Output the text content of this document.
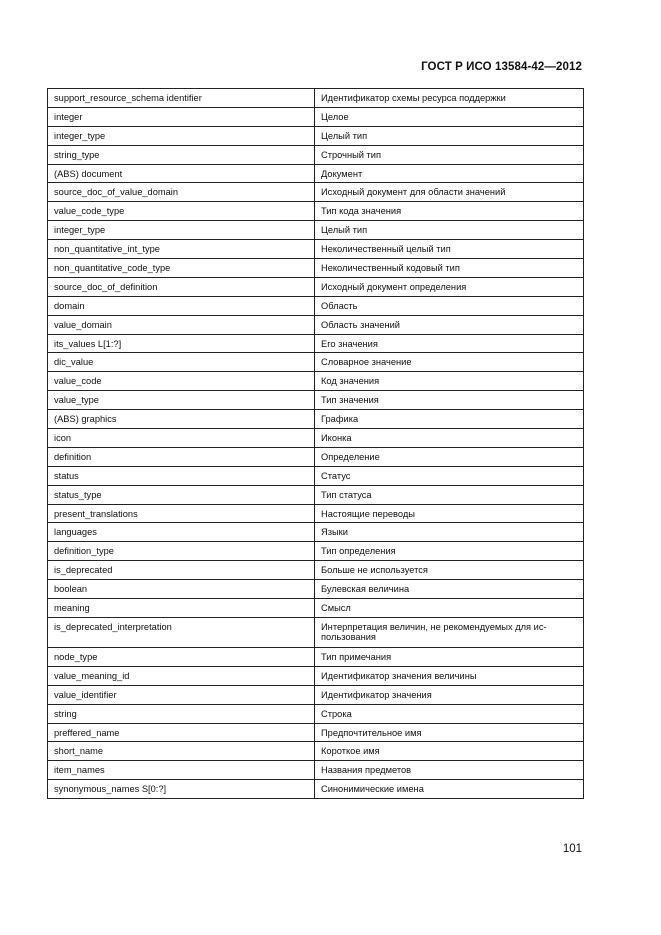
ГОСТ Р ИСО 13584-42—2012
support_resource_schema identifier	Идентификатор схемы ресурса поддержки
integer	Целое
integer_type	Целый тип
string_type	Строчный тип
(ABS) document	Документ
source_doc_of_value_domain	Исходный документ для области значений
value_code_type	Тип кода значения
integer_type	Целый тип
non_quantitative_int_type	Неколичественный целый тип
non_quantitative_code_type	Неколичественный кодовый тип
source_doc_of_definition	Исходный документ определения
domain	Область
value_domain	Область значений
its_values L[1:?]	Его значения
dic_value	Словарное значение
value_code	Код значения
value_type	Тип значения
(ABS) graphics	Графика
icon	Иконка
definition	Определение
status	Статус
status_type	Тип статуса
present_translations	Настоящие переводы
languages	Языки
definition_type	Тип определения
is_deprecated	Больше не используется
boolean	Булевская величина
meaning	Смысл
is_deprecated_interpretation	Интерпретация величин, не рекомендуемых для ис-
пользования
node_type	Тип примечания
value_meaning_id	Идентификатор значения величины
value_identifier	Идентификатор значения
string	Строка
preffered_name	Предпочтительное имя
short_name	Короткое имя
item_names	Названия предметов
synonymous_names S[0:?]	Синонимические имена
101
